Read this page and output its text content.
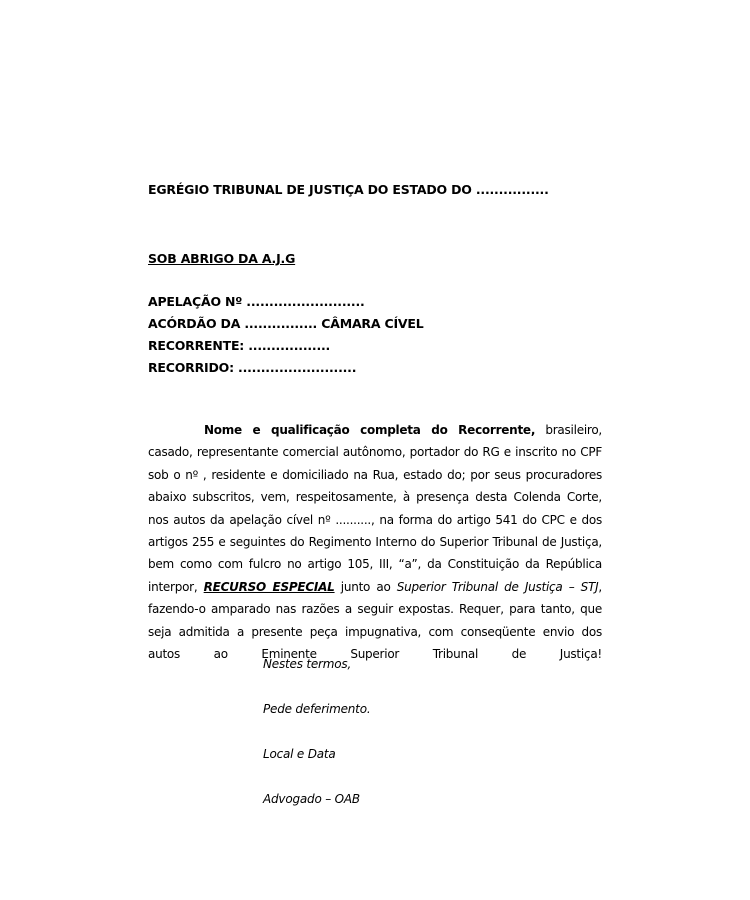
EGRÉGIO TRIBUNAL DE JUSTIÇA DO ESTADO DO ................
SOB ABRIGO DA A.J.G
APELAÇÃO Nº ..........................
ACÓRDÃO DA ................ CÂMARA CÍVEL
RECORRENTE: ..................
RECORRIDO: ..........................

Nome e qualificação completa do Recorrente, brasileiro, casado, representante comercial autônomo, portador do RG e inscrito no CPF sob o nº , residente e domiciliado na Rua, estado do; por seus procuradores abaixo subscritos, vem, respeitosamente, à presença desta Colenda Corte, nos autos da apelação cível nº .........., na forma do artigo 541 do CPC e dos artigos 255 e seguintes do Regimento Interno do Superior Tribunal de Justiça, bem como com fulcro no artigo 105, III, “a”, da Constituição da República interpor, RECURSO ESPECIAL junto ao Superior Tribunal de Justiça – STJ, fazendo-o amparado nas razões a seguir expostas. Requer, para tanto, que seja admitida a presente peça impugnativa, com conseqüente envio dos autos ao Eminente Superior Tribunal de Justiça!

Nestes termos,
Pede deferimento.
Local e Data
Advogado – OAB
